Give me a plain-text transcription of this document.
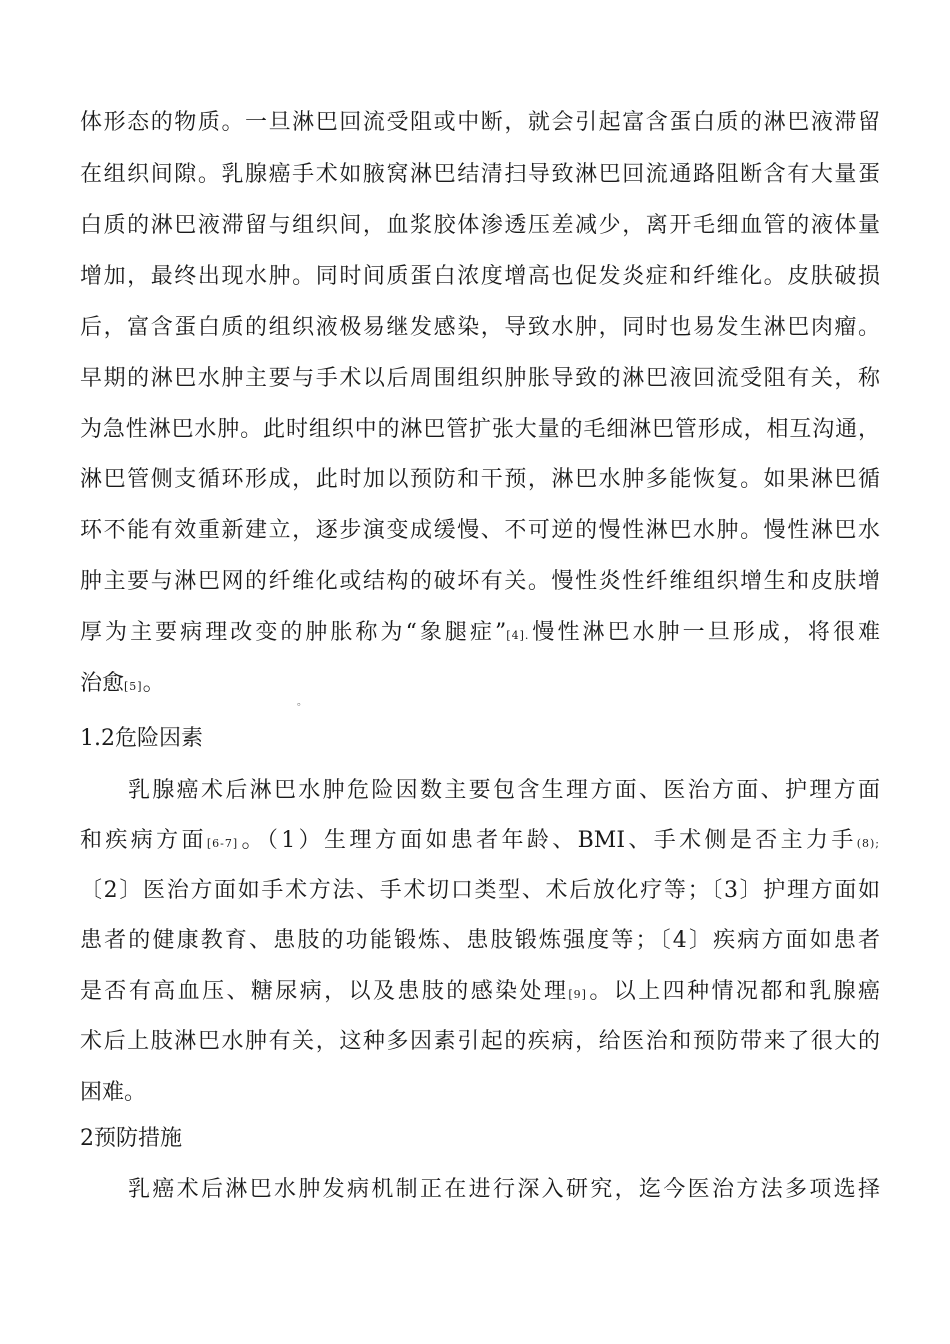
体形态的物质。一旦淋巴回流受阻或中断，就会引起富含蛋白质的淋巴液滞留
在组织间隙。乳腺癌手术如腋窝淋巴结清扫导致淋巴回流通路阻断含有大量蛋
白质的淋巴液滞留与组织间，血浆胶体渗透压差减少，离开毛细血管的液体量
增加，最终出现水肿。同时间质蛋白浓度增高也促发炎症和纤维化。皮肤破损
后，富含蛋白质的组织液极易继发感染，导致水肿，同时也易发生淋巴肉瘤。
早期的淋巴水肿主要与手术以后周围组织肿胀导致的淋巴液回流受阻有关，称
为急性淋巴水肿。此时组织中的淋巴管扩张大量的毛细淋巴管形成，相互沟通，
淋巴管侧支循环形成，此时加以预防和干预，淋巴水肿多能恢复。如果淋巴循
环不能有效重新建立，逐步演变成缓慢、不可逆的慢性淋巴水肿。慢性淋巴水
肿主要与淋巴网的纤维化或结构的破坏有关。慢性炎性纤维组织增生和皮肤增
厚为主要病理改变的肿胀称为“象腿症”[4].慢性淋巴水肿一旦形成，将很难
治愈[5]。
。
1.2危险因素
乳腺癌术后淋巴水肿危险因数主要包含生理方面、医治方面、护理方面
和疾病方面[6-7]。（1）生理方面如患者年龄、BMI、手术侧是否主力手(8);
〔2〕医治方面如手术方法、手术切口类型、术后放化疗等；〔3〕护理方面如
患者的健康教育、患肢的功能锻炼、患肢锻炼强度等；〔4〕疾病方面如患者
是否有高血压、糖尿病，以及患肢的感染处理[9]。以上四种情况都和乳腺癌
术后上肢淋巴水肿有关，这种多因素引起的疾病，给医治和预防带来了很大的
困难。
2预防措施
乳癌术后淋巴水肿发病机制正在进行深入研究，迄今医治方法多项选择
